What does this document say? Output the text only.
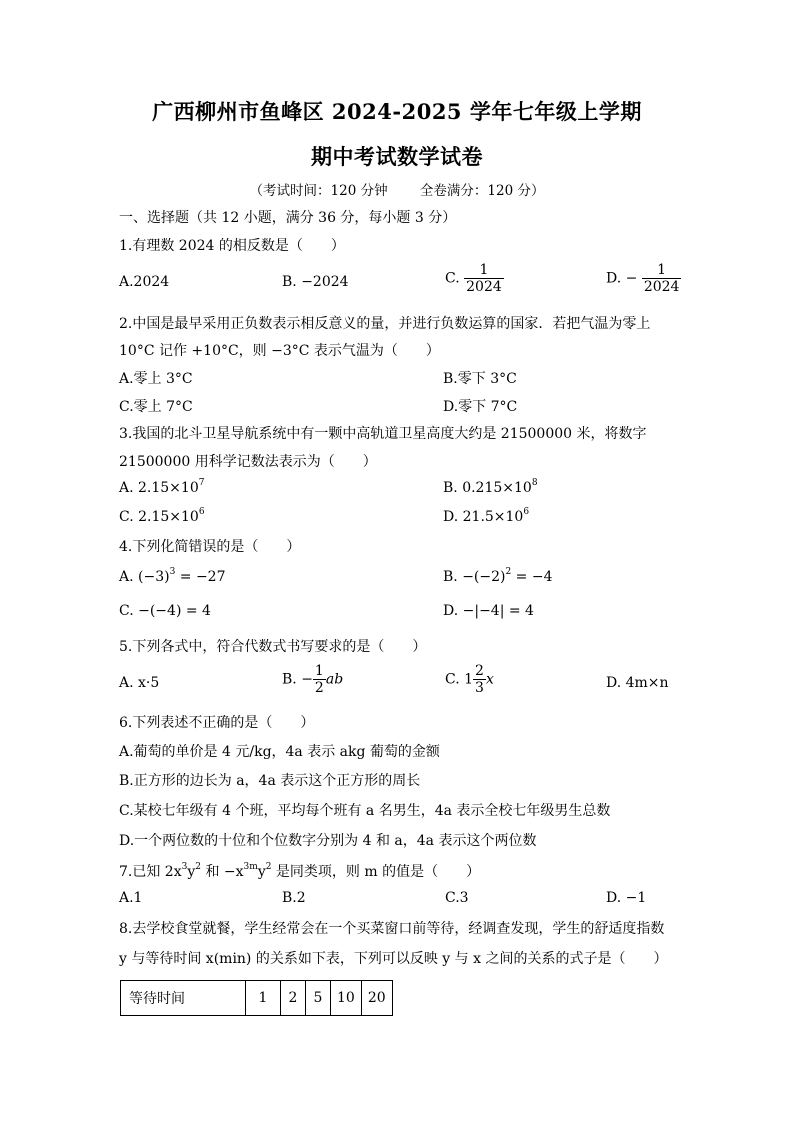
广西柳州市鱼峰区 2024-2025 学年七年级上学期
期中考试数学试卷
（考试时间：120 分钟 全卷满分：120 分）
一、选择题（共 12 小题，满分 36 分，每小题 3 分）
1.有理数 2024 的相反数是（　　）
A.2024	B. −2024	C. $\frac{1}{2024}$	D. − $\frac{1}{2024}$
2.中国是最早采用正负数表示相反意义的量，并进行负数运算的国家．若把气温为零上
10°C 记作 +10°C，则 −3°C 表示气温为（　　）
A.零上 3°C	B.零下 3°C
C.零上 7°C	D.零下 7°C
3.我国的北斗卫星导航系统中有一颗中高轨道卫星高度大约是 21500000 米，将数字
21500000 用科学记数法表示为（　　）
A. $2.15\times 10^7$	B. $0.215\times 10^8$
C. $2.15\times 10^6$	D. $21.5\times 10^6$
4.下列化简错误的是（　　）
A. $(-3)^3 = -27$	B. $-(-2)^2 = -4$
C. −(−4) = 4	D. −|−4| = 4
5.下列各式中，符合代数式书写要求的是（　　）
A. x·5	B. − $\frac{1}{2}$ ab	C. $1 \frac{2}{3}$ x	D. 4m×n
6.下列表述不正确的是（　　）
A.葡萄的单价是 4 元/kg，4a 表示 akg 葡萄的金额
B.正方形的边长为 a，4a 表示这个正方形的周长
C.某校七年级有 4 个班，平均每个班有 a 名男生，4a 表示全校七年级男生总数
D.一个两位数的十位和个位数字分别为 4 和 a，4a 表示这个两位数
7.已知 $2x^3y^2$ 和 $-x^{3m}y^2$ 是同类项，则 m 的值是（　　）
A.1	B.2	C.3	D. −1
8.去学校食堂就餐，学生经常会在一个买菜窗口前等待，经调查发现，学生的舒适度指数
y 与等待时间 x(min) 的关系如下表，下列可以反映 y 与 x 之间的关系的式子是（　　）
等待时间	1	2	5	10	20
